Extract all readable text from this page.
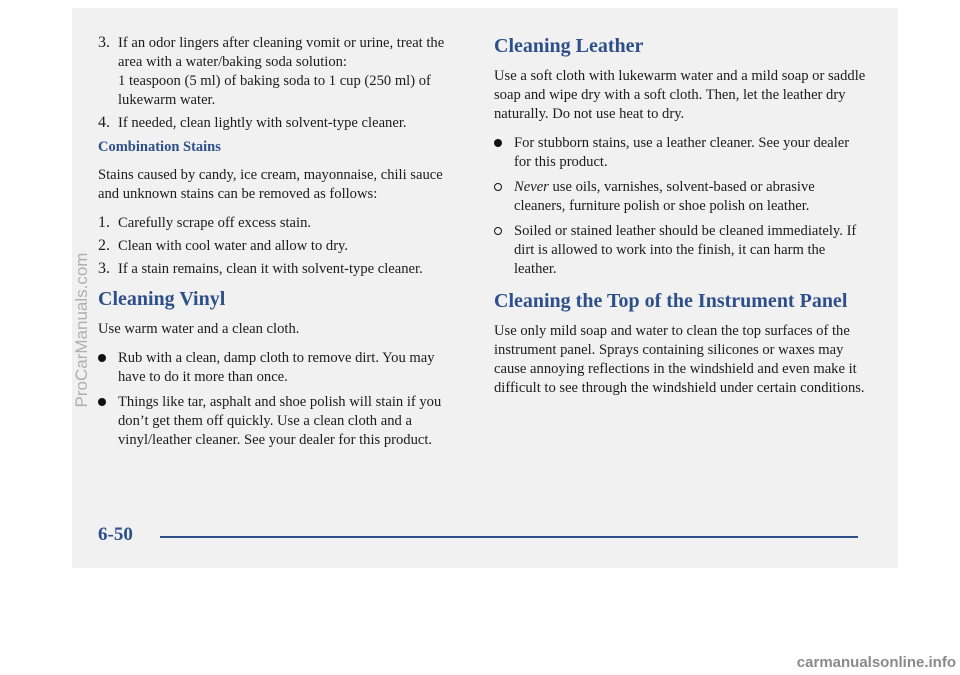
3. If an odor lingers after cleaning vomit or urine, treat the area with a water/baking soda solution:

1 teaspoon (5 ml) of baking soda to 1 cup (250 ml) of lukewarm water.

4. If needed, clean lightly with solvent-type cleaner.

Combination Stains

Stains caused by candy, ice cream, mayonnaise, chili sauce and unknown stains can be removed as follows:

1. Carefully scrape off excess stain.

2. Clean with cool water and allow to dry.

3. If a stain remains, clean it with solvent-type cleaner.

Cleaning Vinyl

Use warm water and a clean cloth.

Rub with a clean, damp cloth to remove dirt. You may have to do it more than once.

Things like tar, asphalt and shoe polish will stain if you don’t get them off quickly. Use a clean cloth and a vinyl/leather cleaner. See your dealer for this product.

Cleaning Leather

Use a soft cloth with lukewarm water and a mild soap or saddle soap and wipe dry with a soft cloth. Then, let the leather dry naturally. Do not use heat to dry.

For stubborn stains, use a leather cleaner. See your dealer for this product.

Never use oils, varnishes, solvent-based or abrasive cleaners, furniture polish or shoe polish on leather.

Soiled or stained leather should be cleaned immediately. If dirt is allowed to work into the finish, it can harm the leather.

Cleaning the Top of the Instrument Panel

Use only mild soap and water to clean the top surfaces of the instrument panel. Sprays containing silicones or waxes may cause annoying reflections in the windshield and even make it difficult to see through the windshield under certain conditions.

6-50
ProCarManuals.com
carmanualsonline.info
